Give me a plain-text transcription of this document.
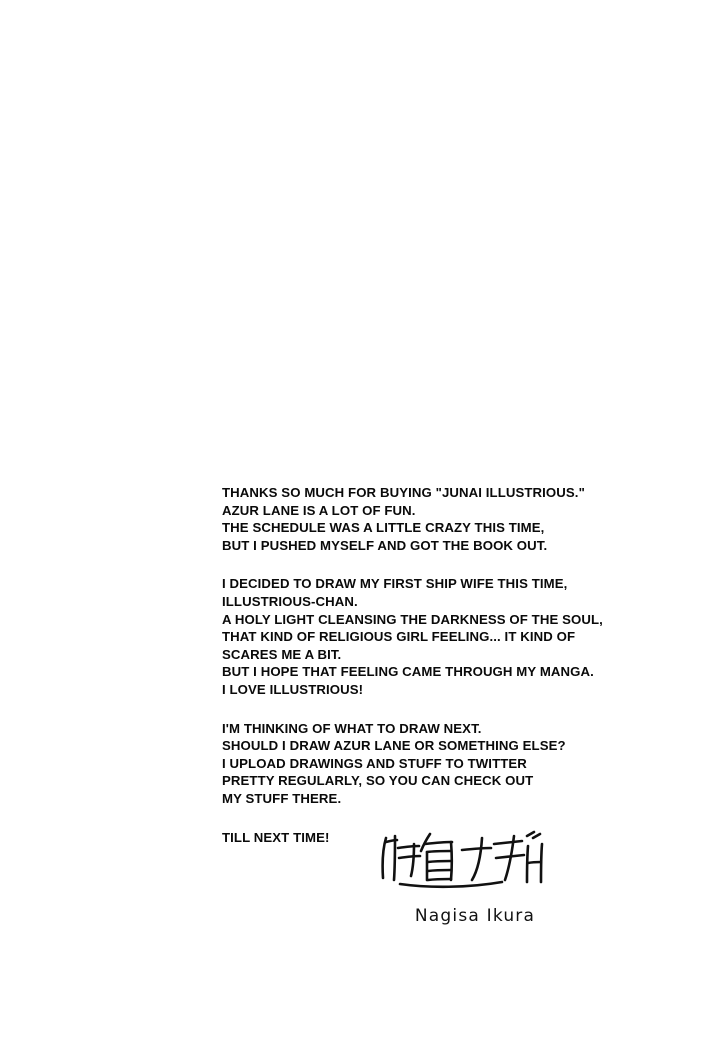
THANKS SO MUCH FOR BUYING "JUNAI ILLUSTRIOUS."
AZUR LANE IS A LOT OF FUN.
THE SCHEDULE WAS A LITTLE CRAZY THIS TIME,
BUT I PUSHED MYSELF AND GOT THE BOOK OUT.

I DECIDED TO DRAW MY FIRST SHIP WIFE THIS TIME,
ILLUSTRIOUS-CHAN.
A HOLY LIGHT CLEANSING THE DARKNESS OF THE SOUL,
THAT KIND OF RELIGIOUS GIRL FEELING... IT KIND OF
SCARES ME A BIT.
BUT I HOPE THAT FEELING CAME THROUGH MY MANGA.
I LOVE ILLUSTRIOUS!

I'M THINKING OF WHAT TO DRAW NEXT.
SHOULD I DRAW AZUR LANE OR SOMETHING ELSE?
I UPLOAD DRAWINGS AND STUFF TO TWITTER
PRETTY REGULARLY, SO YOU CAN CHECK OUT
MY STUFF THERE.

TILL NEXT TIME!

Nagisa Ikura
